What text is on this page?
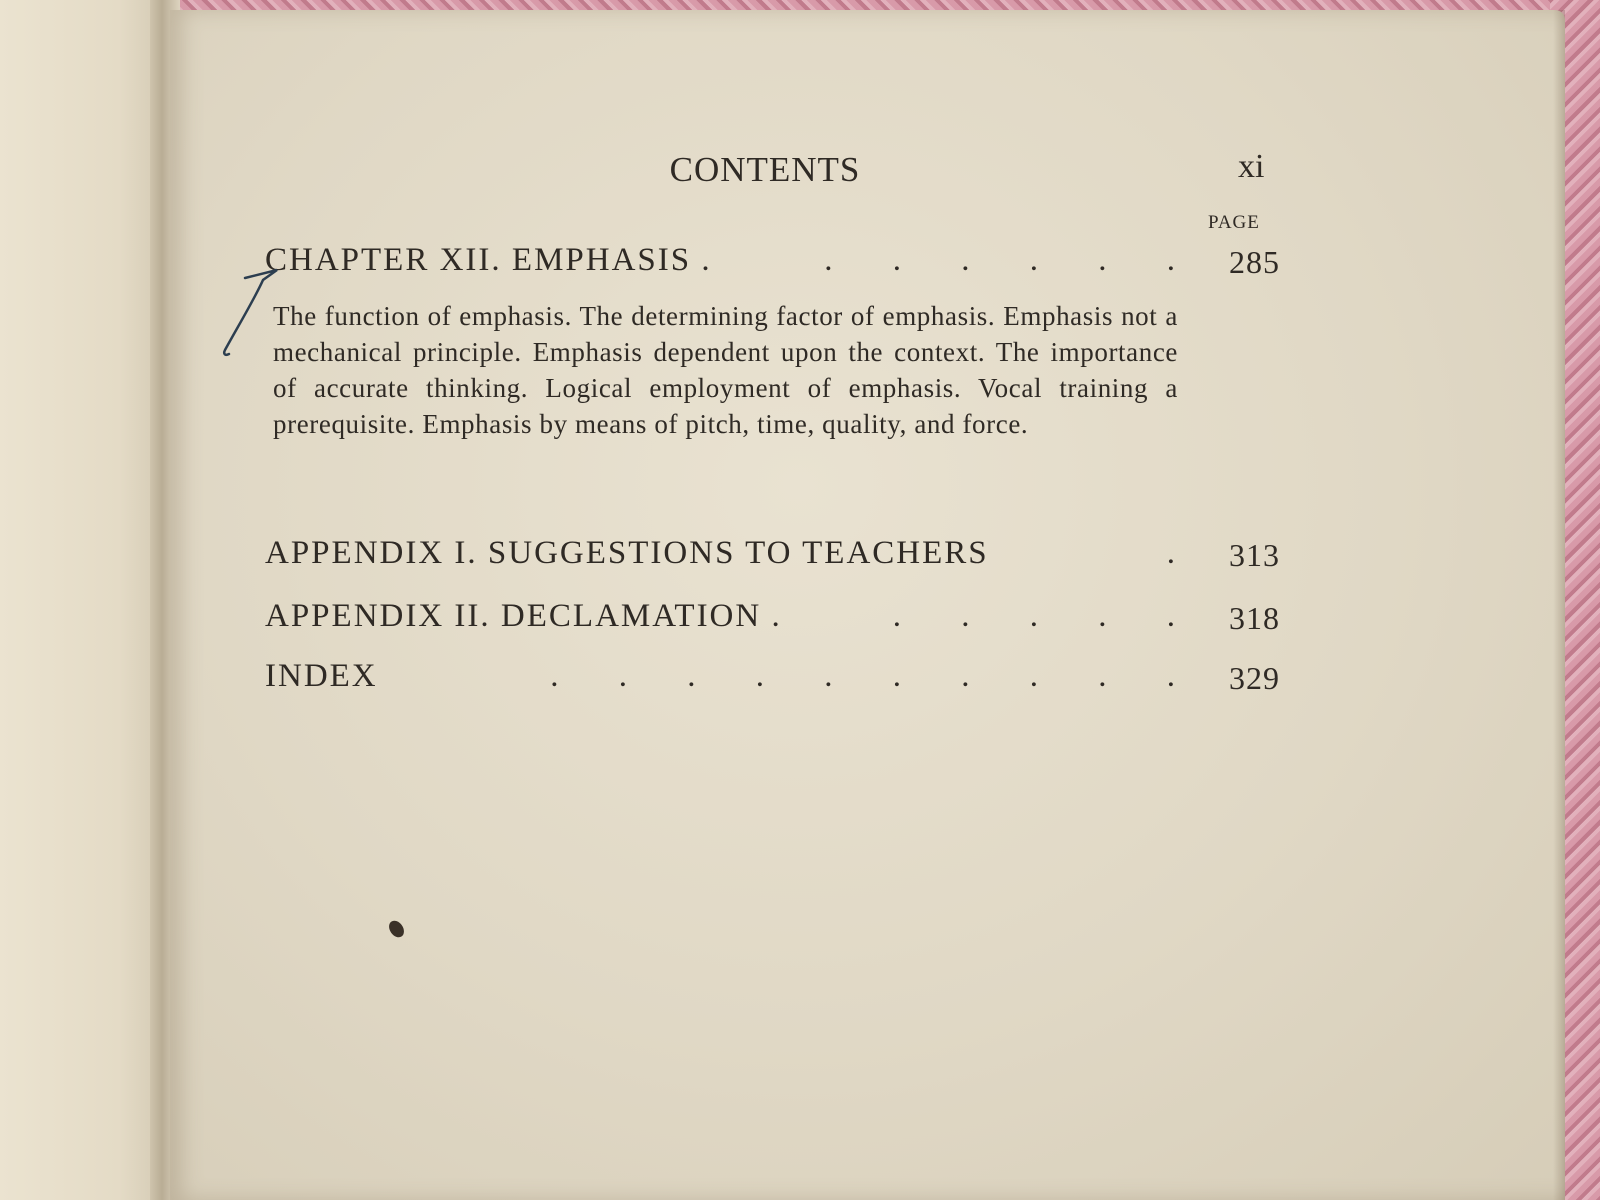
CONTENTS	xi
PAGE
CHAPTER XII. EMPHASIS .	. . . . . . 285
The function of emphasis. The determining factor of emphasis. Emphasis not a mechanical principle. Emphasis dependent upon the context. The importance of accurate thinking. Logical employment of emphasis. Vocal training a prerequisite. Emphasis by means of pitch, time, quality, and force.
APPENDIX I. SUGGESTIONS TO TEACHERS	. 313
APPENDIX II. DECLAMATION .	. . . . . 318
INDEX	. . . . . . . . . . 329
